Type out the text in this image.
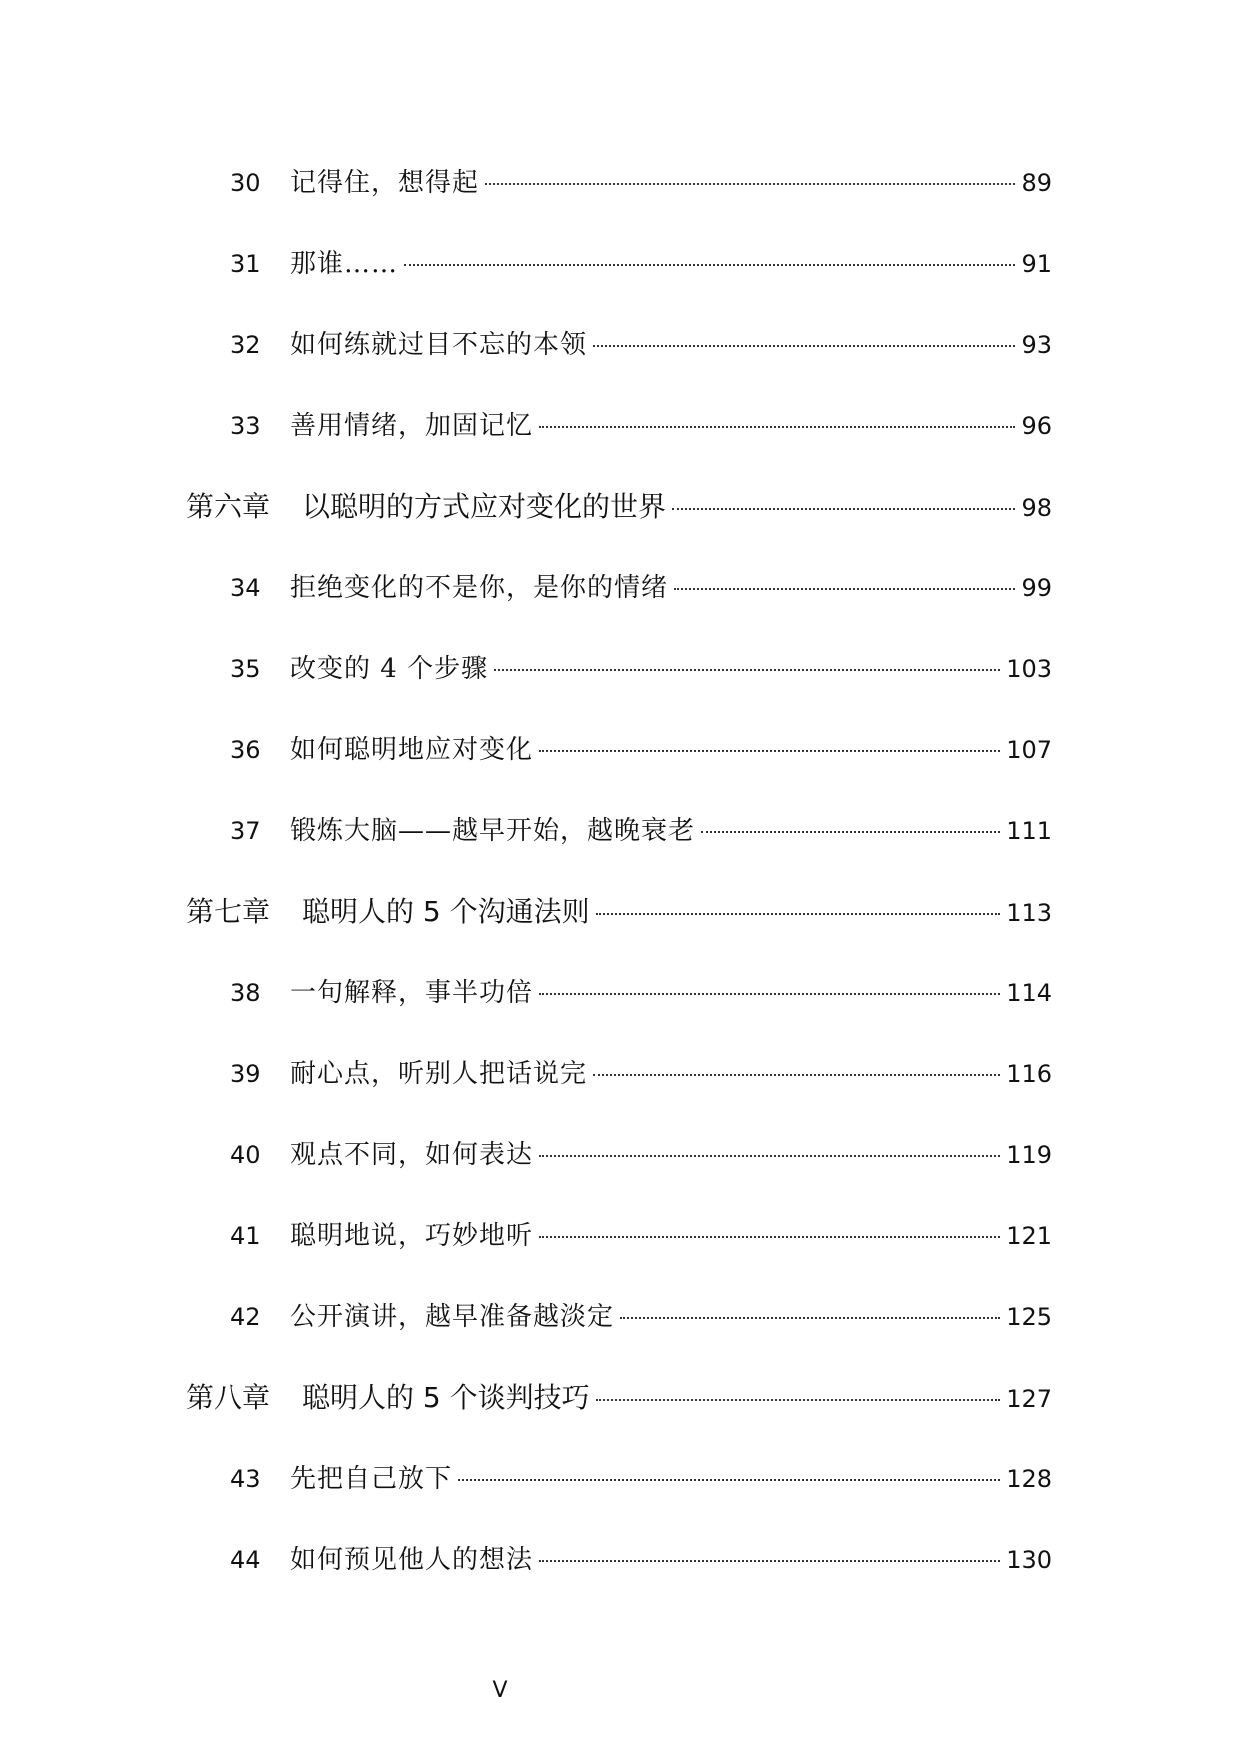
30	记得住，想得起	89
31	那谁……	91
32	如何练就过目不忘的本领	93
33	善用情绪，加固记忆	96
第六章	以聪明的方式应对变化的世界	98
34	拒绝变化的不是你，是你的情绪	99
35	改变的 4 个步骤	103
36	如何聪明地应对变化	107
37	锻炼大脑——越早开始，越晚衰老	111
第七章	聪明人的 5 个沟通法则	113
38	一句解释，事半功倍	114
39	耐心点，听别人把话说完	116
40	观点不同，如何表达	119
41	聪明地说，巧妙地听	121
42	公开演讲，越早准备越淡定	125
第八章	聪明人的 5 个谈判技巧	127
43	先把自己放下	128
44	如何预见他人的想法	130
V
